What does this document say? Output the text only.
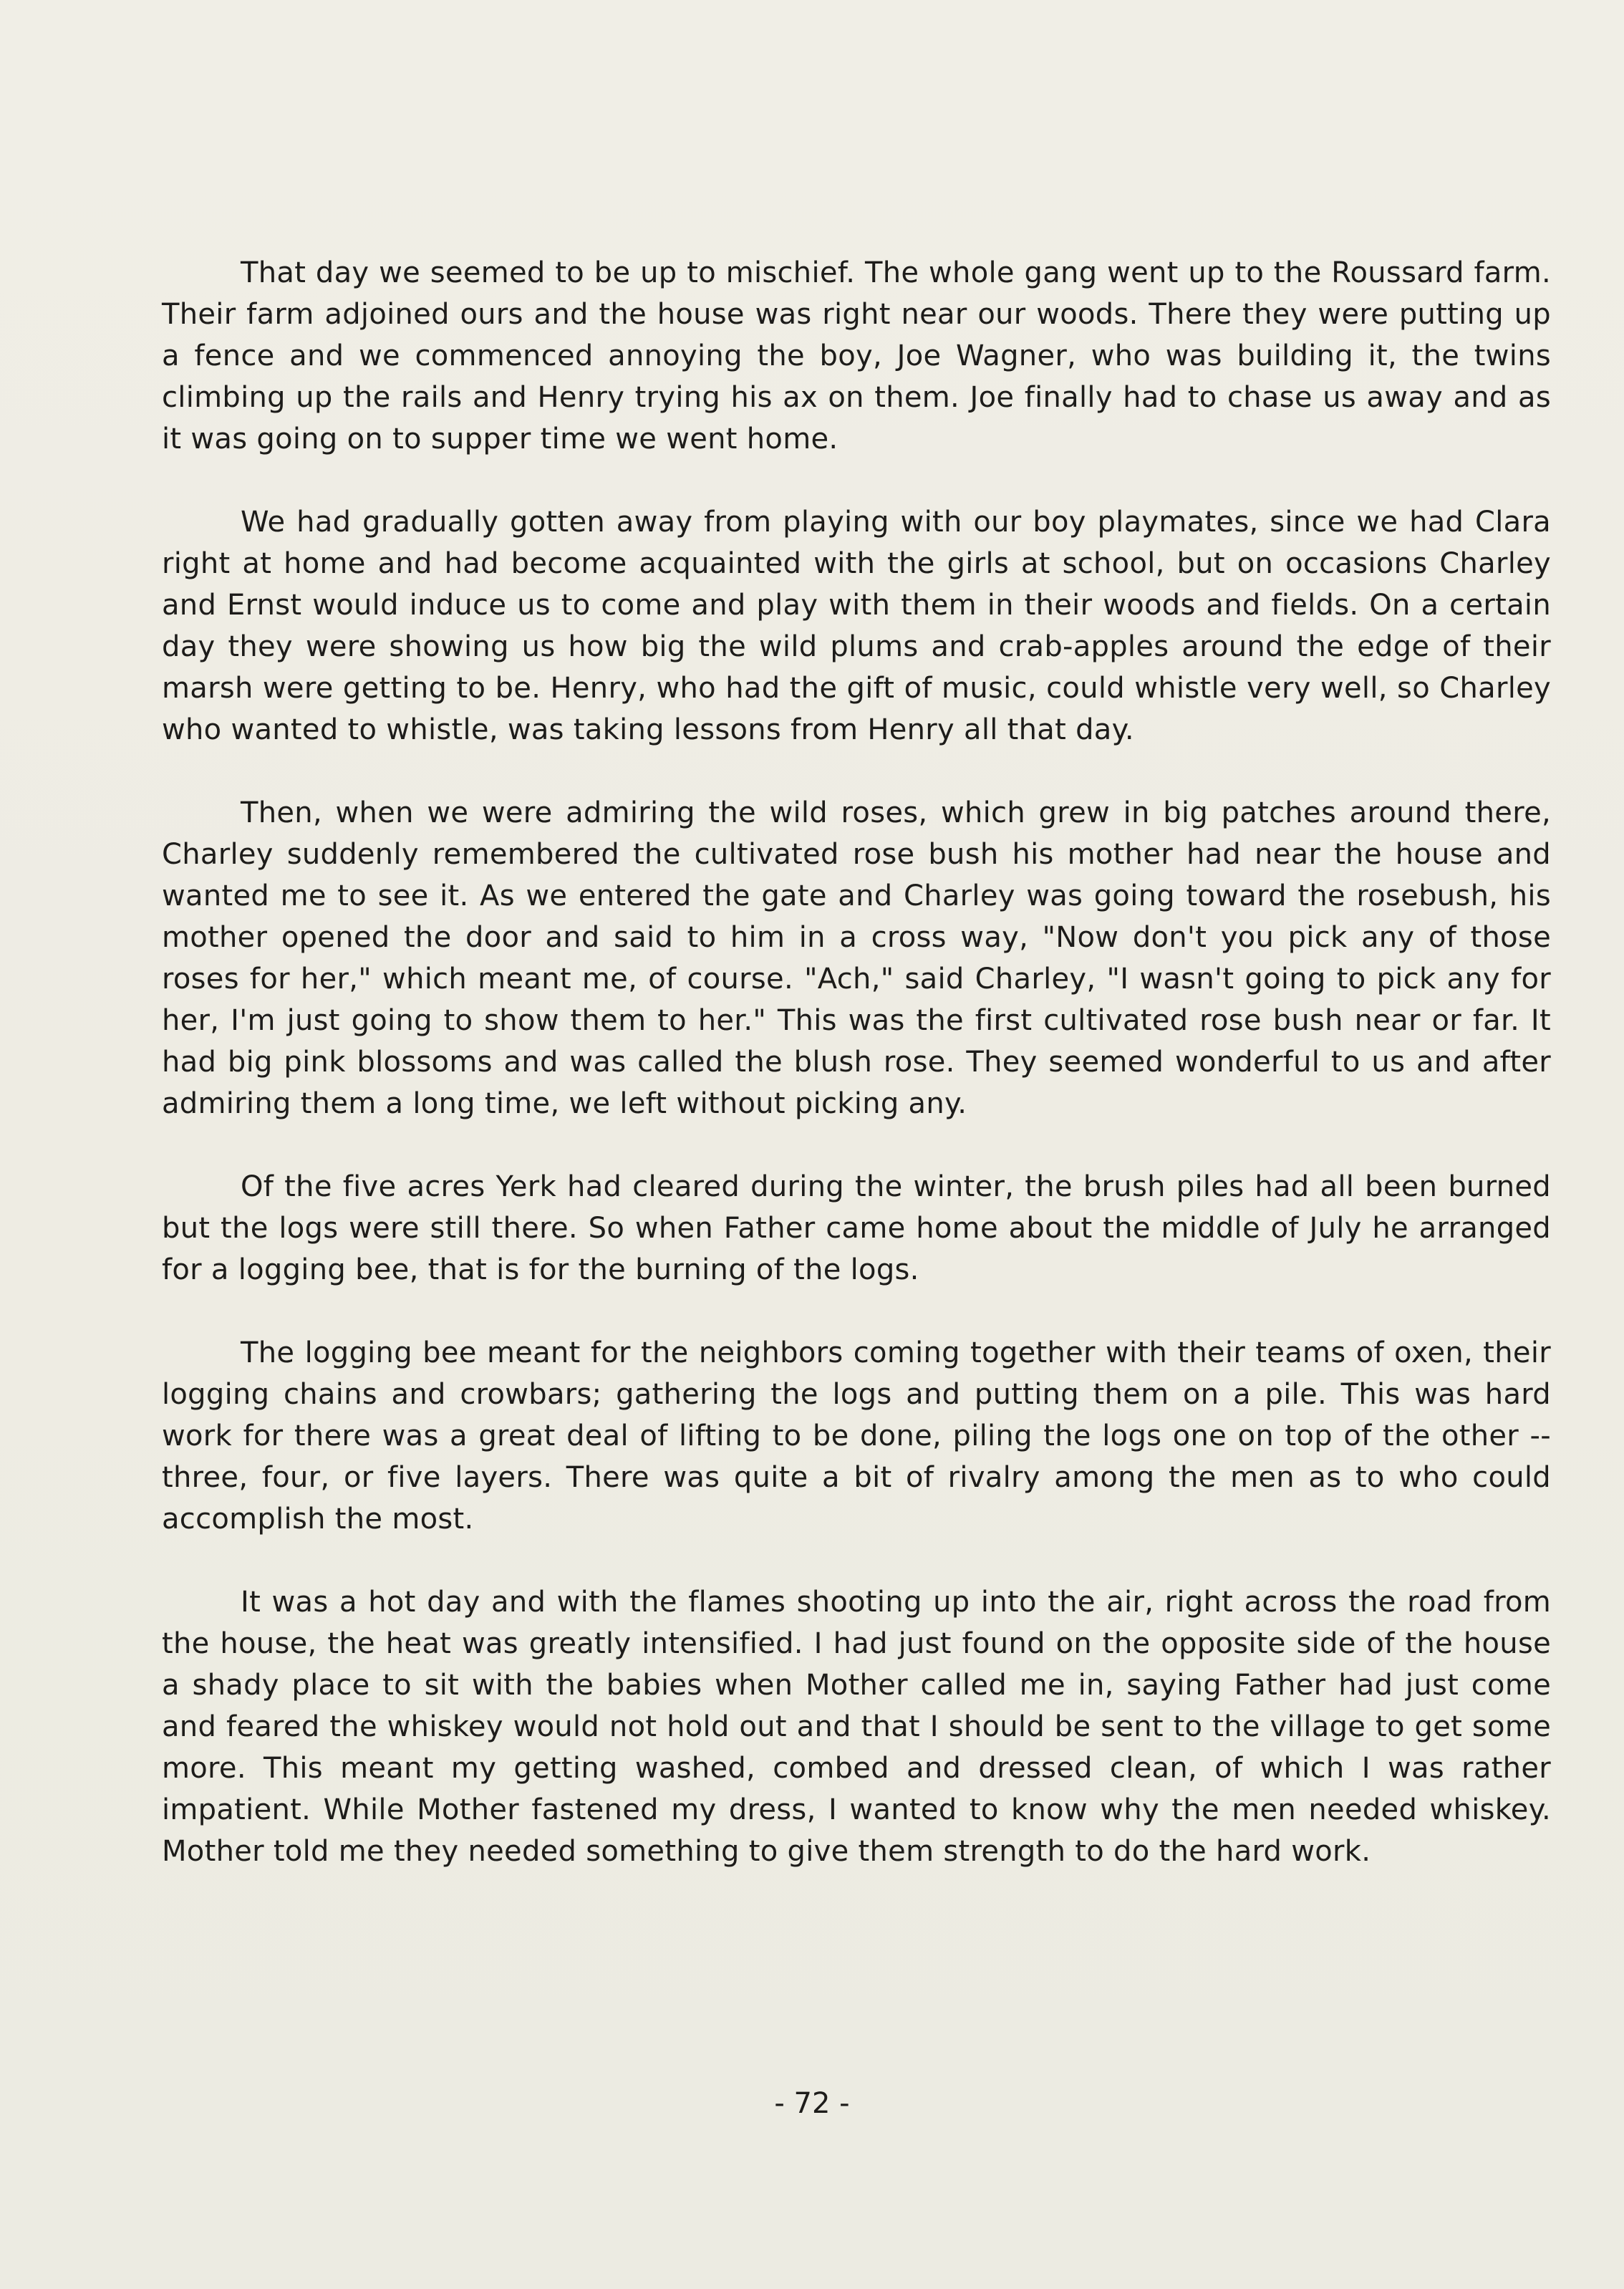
That day we seemed to be up to mischief. The whole gang went up to the Roussard farm. Their farm adjoined ours and the house was right near our woods. There they were putting up a fence and we commenced annoying the boy, Joe Wagner, who was building it, the twins climbing up the rails and Henry trying his ax on them. Joe finally had to chase us away and as it was going on to supper time we went home.

We had gradually gotten away from playing with our boy playmates, since we had Clara right at home and had become acquainted with the girls at school, but on occasions Charley and Ernst would induce us to come and play with them in their woods and fields. On a certain day they were showing us how big the wild plums and crab-apples around the edge of their marsh were getting to be. Henry, who had the gift of music, could whistle very well, so Charley who wanted to whistle, was taking lessons from Henry all that day.

Then, when we were admiring the wild roses, which grew in big patches around there, Charley suddenly remembered the cultivated rose bush his mother had near the house and wanted me to see it. As we entered the gate and Charley was going toward the rosebush, his mother opened the door and said to him in a cross way, "Now don't you pick any of those roses for her," which meant me, of course. "Ach," said Charley, "I wasn't going to pick any for her, I'm just going to show them to her." This was the first cultivated rose bush near or far. It had big pink blossoms and was called the blush rose. They seemed wonderful to us and after admiring them a long time, we left without picking any.

Of the five acres Yerk had cleared during the winter, the brush piles had all been burned but the logs were still there. So when Father came home about the middle of July he arranged for a logging bee, that is for the burning of the logs.

The logging bee meant for the neighbors coming together with their teams of oxen, their logging chains and crowbars; gathering the logs and putting them on a pile. This was hard work for there was a great deal of lifting to be done, piling the logs one on top of the other -- three, four, or five layers. There was quite a bit of rivalry among the men as to who could accomplish the most.

It was a hot day and with the flames shooting up into the air, right across the road from the house, the heat was greatly intensified. I had just found on the opposite side of the house a shady place to sit with the babies when Mother called me in, saying Father had just come and feared the whiskey would not hold out and that I should be sent to the village to get some more. This meant my getting washed, combed and dressed clean, of which I was rather impatient. While Mother fastened my dress, I wanted to know why the men needed whiskey. Mother told me they needed something to give them strength to do the hard work.

- 72 -
